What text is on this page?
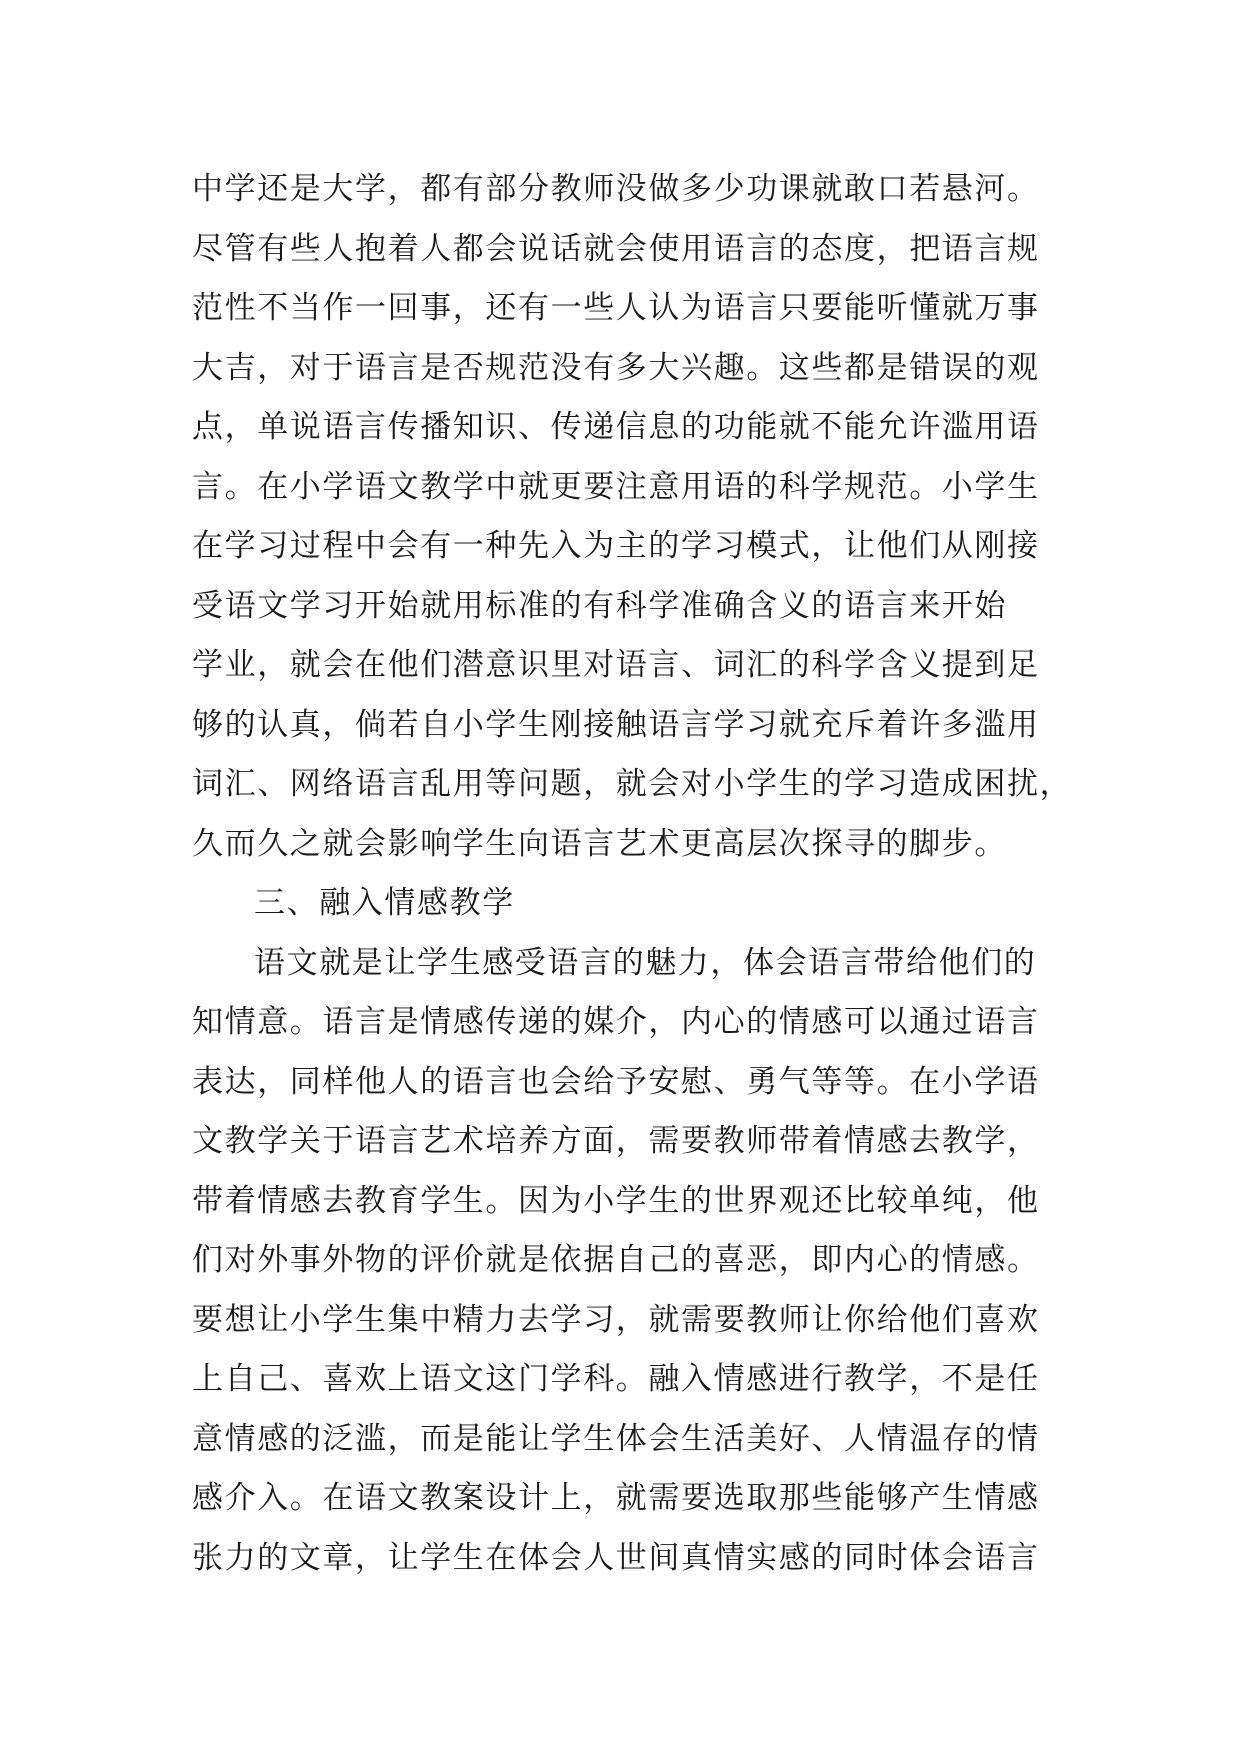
中学还是大学，都有部分教师没做多少功课就敢口若悬河。
尽管有些人抱着人都会说话就会使用语言的态度，把语言规
范性不当作一回事，还有一些人认为语言只要能听懂就万事
大吉，对于语言是否规范没有多大兴趣。这些都是错误的观
点，单说语言传播知识、传递信息的功能就不能允许滥用语
言。在小学语文教学中就更要注意用语的科学规范。小学生
在学习过程中会有一种先入为主的学习模式，让他们从刚接
受语文学习开始就用标准的有科学准确含义的语言来开始
学业，就会在他们潜意识里对语言、词汇的科学含义提到足
够的认真，倘若自小学生刚接触语言学习就充斥着许多滥用
词汇、网络语言乱用等问题，就会对小学生的学习造成困扰，
久而久之就会影响学生向语言艺术更高层次探寻的脚步。
三、融入情感教学
语文就是让学生感受语言的魅力，体会语言带给他们的
知情意。语言是情感传递的媒介，内心的情感可以通过语言
表达，同样他人的语言也会给予安慰、勇气等等。在小学语
文教学关于语言艺术培养方面，需要教师带着情感去教学，
带着情感去教育学生。因为小学生的世界观还比较单纯，他
们对外事外物的评价就是依据自己的喜恶，即内心的情感。
要想让小学生集中精力去学习，就需要教师让你给他们喜欢
上自己、喜欢上语文这门学科。融入情感进行教学，不是任
意情感的泛滥，而是能让学生体会生活美好、人情温存的情
感介入。在语文教案设计上，就需要选取那些能够产生情感
张力的文章，让学生在体会人世间真情实感的同时体会语言
